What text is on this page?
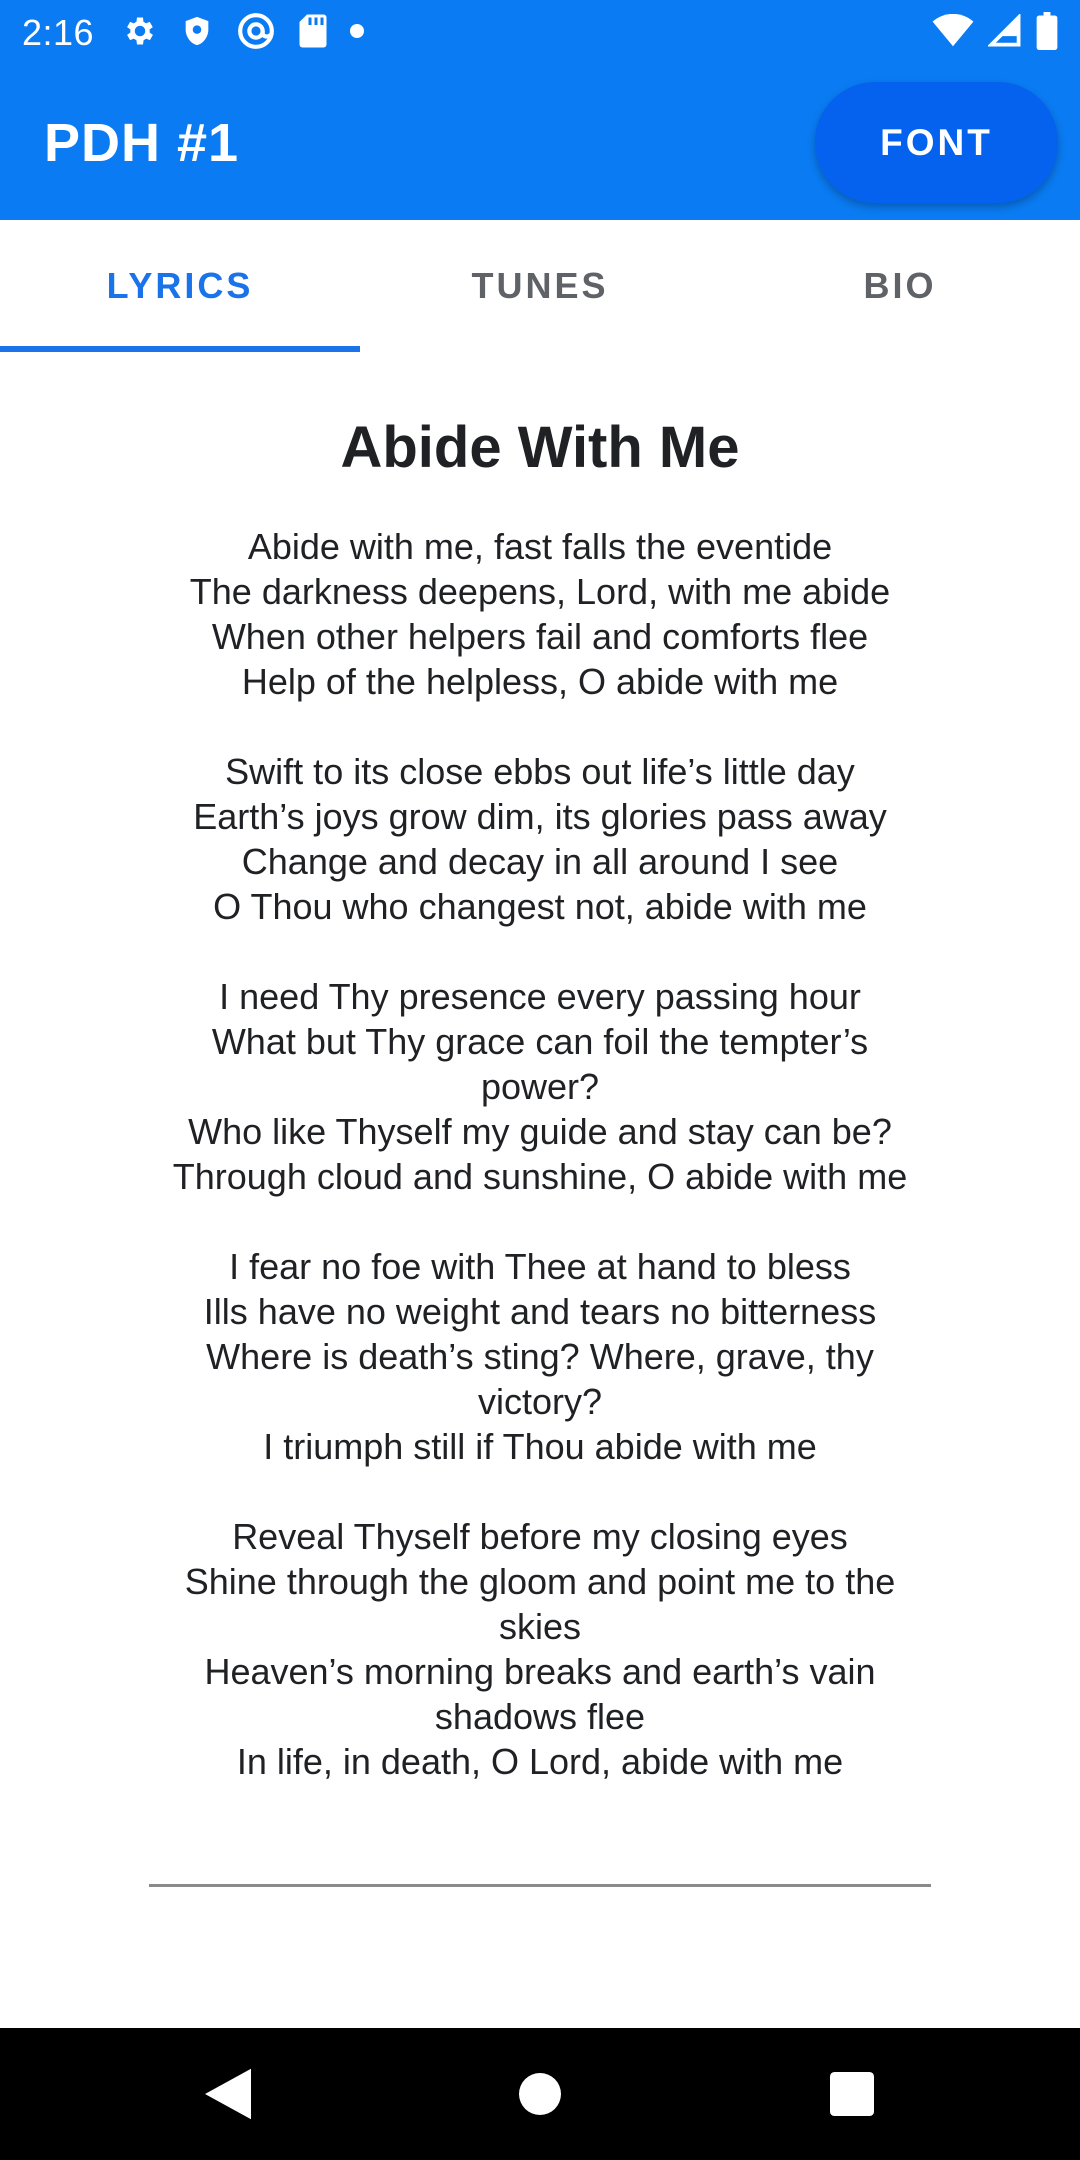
2:16
PDH #1	FONT
LYRICS	TUNES	BIO
Abide With Me
Abide with me, fast falls the eventide
The darkness deepens, Lord, with me abide
When other helpers fail and comforts flee
Help of the helpless, O abide with me
Swift to its close ebbs out life’s little day
Earth’s joys grow dim, its glories pass away
Change and decay in all around I see
O Thou who changest not, abide with me
I need Thy presence every passing hour
What but Thy grace can foil the tempter’s power?
Who like Thyself my guide and stay can be?
Through cloud and sunshine, O abide with me
I fear no foe with Thee at hand to bless
Ills have no weight and tears no bitterness
Where is death’s sting? Where, grave, thy victory?
I triumph still if Thou abide with me
Reveal Thyself before my closing eyes
Shine through the gloom and point me to the skies
Heaven’s morning breaks and earth’s vain shadows flee
In life, in death, O Lord, abide with me
